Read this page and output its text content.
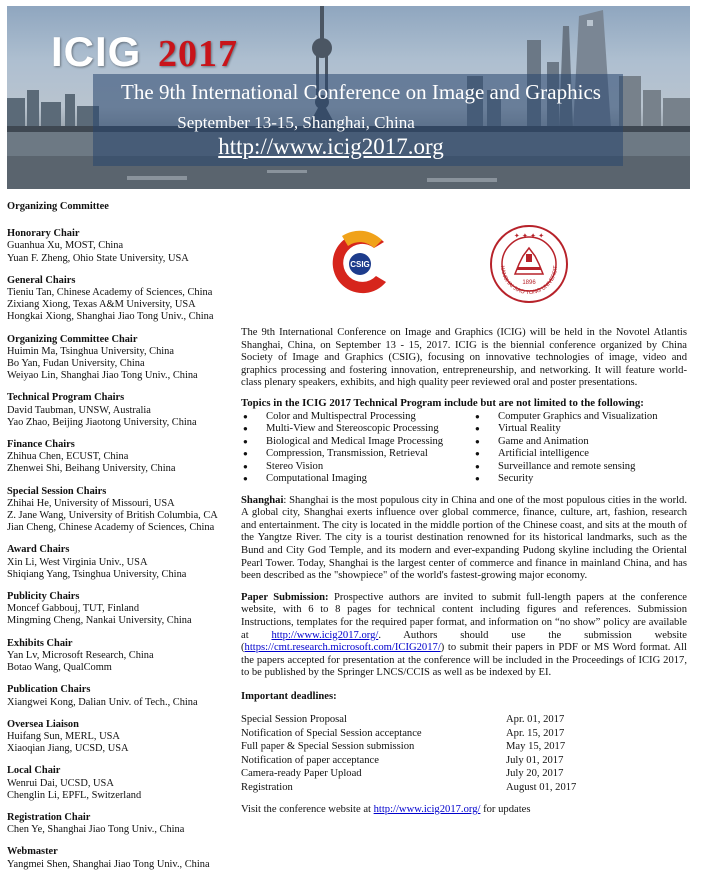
ICIG 2017
The 9th International Conference on Image and Graphics
September 13-15, Shanghai, China
http://www.icig2017.org
Organizing Committee
Honorary Chair
Guanhua Xu, MOST, China
Yuan F. Zheng, Ohio State University, USA
General Chairs
Tieniu Tan, Chinese Academy of Sciences, China
Zixiang Xiong, Texas A&M University, USA
Hongkai Xiong, Shanghai Jiao Tong Univ., China
Organizing Committee Chair
Huimin Ma, Tsinghua University, China
Bo Yan, Fudan University, China
Weiyao Lin, Shanghai Jiao Tong Univ., China
Technical Program Chairs
David Taubman, UNSW, Australia
Yao Zhao, Beijing Jiaotong University, China
Finance Chairs
Zhihua Chen, ECUST, China
Zhenwei Shi, Beihang University, China
Special Session Chairs
Zhihai He, University of Missouri, USA
Z. Jane Wang, University of British Columbia, CA
Jian Cheng, Chinese Academy of Sciences, China
Award Chairs
Xin Li, West Virginia Univ., USA
Shiqiang Yang, Tsinghua University, China
Publicity Chairs
Moncef Gabbouj, TUT, Finland
Mingming Cheng, Nankai University, China
Exhibits Chair
Yan Lv, Microsoft Research, China
Botao Wang, QualComm
Publication Chairs
Xiangwei Kong, Dalian Univ. of Tech., China
Oversea Liaison
Huifang Sun, MERL, USA
Xiaoqian Jiang, UCSD, USA
Local Chair
Wenrui Dai, UCSD, USA
Chenglin Li, EPFL, Switzerland
Registration Chair
Chen Ye, Shanghai Jiao Tong Univ., China
Webmaster
Yangmei Shen, Shanghai Jiao Tong Univ., China
CSIG	HANGHAI JIAO TONG UNIVERSIT
1896
✦ ✦ ✦ ✦
The 9th International Conference on Image and Graphics (ICIG) will be held in the Novotel Atlantis Shanghai, China, on September 13 - 15, 2017. ICIG is the biennial conference organized by China Society of Image and Graphics (CSIG), focusing on innovative technologies of image, video and graphics processing and fostering innovation, entrepreneurship, and networking. It will feature world-class plenary speakers, exhibits, and high quality peer reviewed oral and poster presentations.
Topics in the ICIG 2017 Technical Program include but are not limited to the following:
● Color and Multispectral Processing
● Multi-View and Stereoscopic Processing
● Biological and Medical Image Processing
● Compression, Transmission, Retrieval
● Stereo Vision
● Computational Imaging
● Computer Graphics and Visualization
● Virtual Reality
● Game and Animation
● Artificial intelligence
● Surveillance and remote sensing
● Security
Shanghai: Shanghai is the most populous city in China and one of the most populous cities in the world. A global city, Shanghai exerts influence over global commerce, finance, culture, art, fashion, research and entertainment. The city is located in the middle portion of the Chinese coast, and sits at the mouth of the Yangtze River. The city is a tourist destination renowned for its historical landmarks, such as the Bund and City God Temple, and its modern and ever-expanding Pudong skyline including the Oriental Pearl Tower. Today, Shanghai is the largest center of commerce and finance in mainland China, and has been described as the "showpiece" of the world's fastest-growing major economy.
Paper Submission: Prospective authors are invited to submit full-length papers at the conference website, with 6 to 8 pages for technical content including figures and references. Submission Instructions, templates for the required paper format, and information on “no show” policy are available at http://www.icig2017.org/. Authors should use the submission website (https://cmt.research.microsoft.com/ICIG2017/) to submit their papers in PDF or MS Word format. All the papers accepted for presentation at the conference will be included in the Proceedings of ICIG 2017, to be published by the Springer LNCS/CCIS as well as be indexed by EI.
Important deadlines:
Special Session Proposal	Apr. 01, 2017
Notification of Special Session acceptance	Apr. 15, 2017
Full paper & Special Session submission	May 15, 2017
Notification of paper acceptance	July 01, 2017
Camera-ready Paper Upload	July 20, 2017
Registration	August 01, 2017
Visit the conference website at http://www.icig2017.org/ for updates
